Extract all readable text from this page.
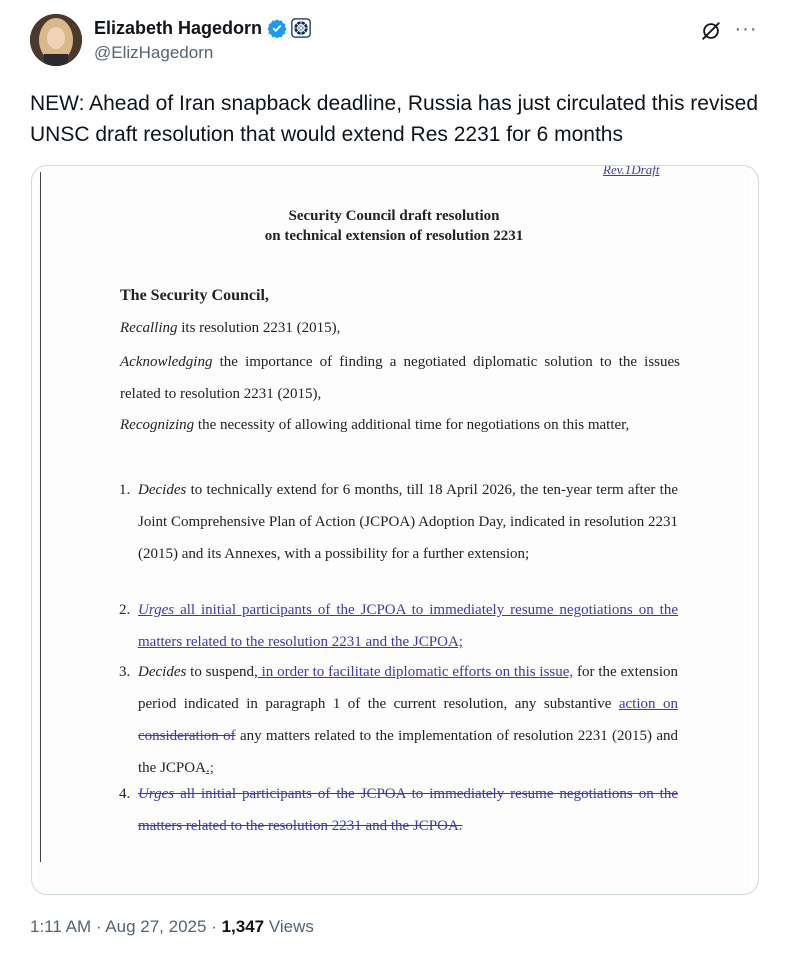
Elizabeth Hagedorn
@ElizHagedorn
···
NEW: Ahead of Iran snapback deadline, Russia has just circulated this revised UNSC draft resolution that would extend Res 2231 for 6 months
Rev.1Draft
Security Council draft resolution
on technical extension of resolution 2231
The Security Council,
Recalling its resolution 2231 (2015),
Acknowledging the importance of finding a negotiated diplomatic solution to the issues related to resolution 2231 (2015),
Recognizing the necessity of allowing additional time for negotiations on this matter,
1. Decides to technically extend for 6 months, till 18 April 2026, the ten-year term after the Joint Comprehensive Plan of Action (JCPOA) Adoption Day, indicated in resolution 2231 (2015) and its Annexes, with a possibility for a further extension;
2. Urges all initial participants of the JCPOA to immediately resume negotiations on the matters related to the resolution 2231 and the JCPOA;
3. Decides to suspend, in order to facilitate diplomatic efforts on this issue, for the extension period indicated in paragraph 1 of the current resolution, any substantive action on consideration of any matters related to the implementation of resolution 2231 (2015) and the JCPOA.;
4. Urges all initial participants of the JCPOA to immediately resume negotiations on the matters related to the resolution 2231 and the JCPOA.
1:11 AM · Aug 27, 2025 · 1,347 Views
